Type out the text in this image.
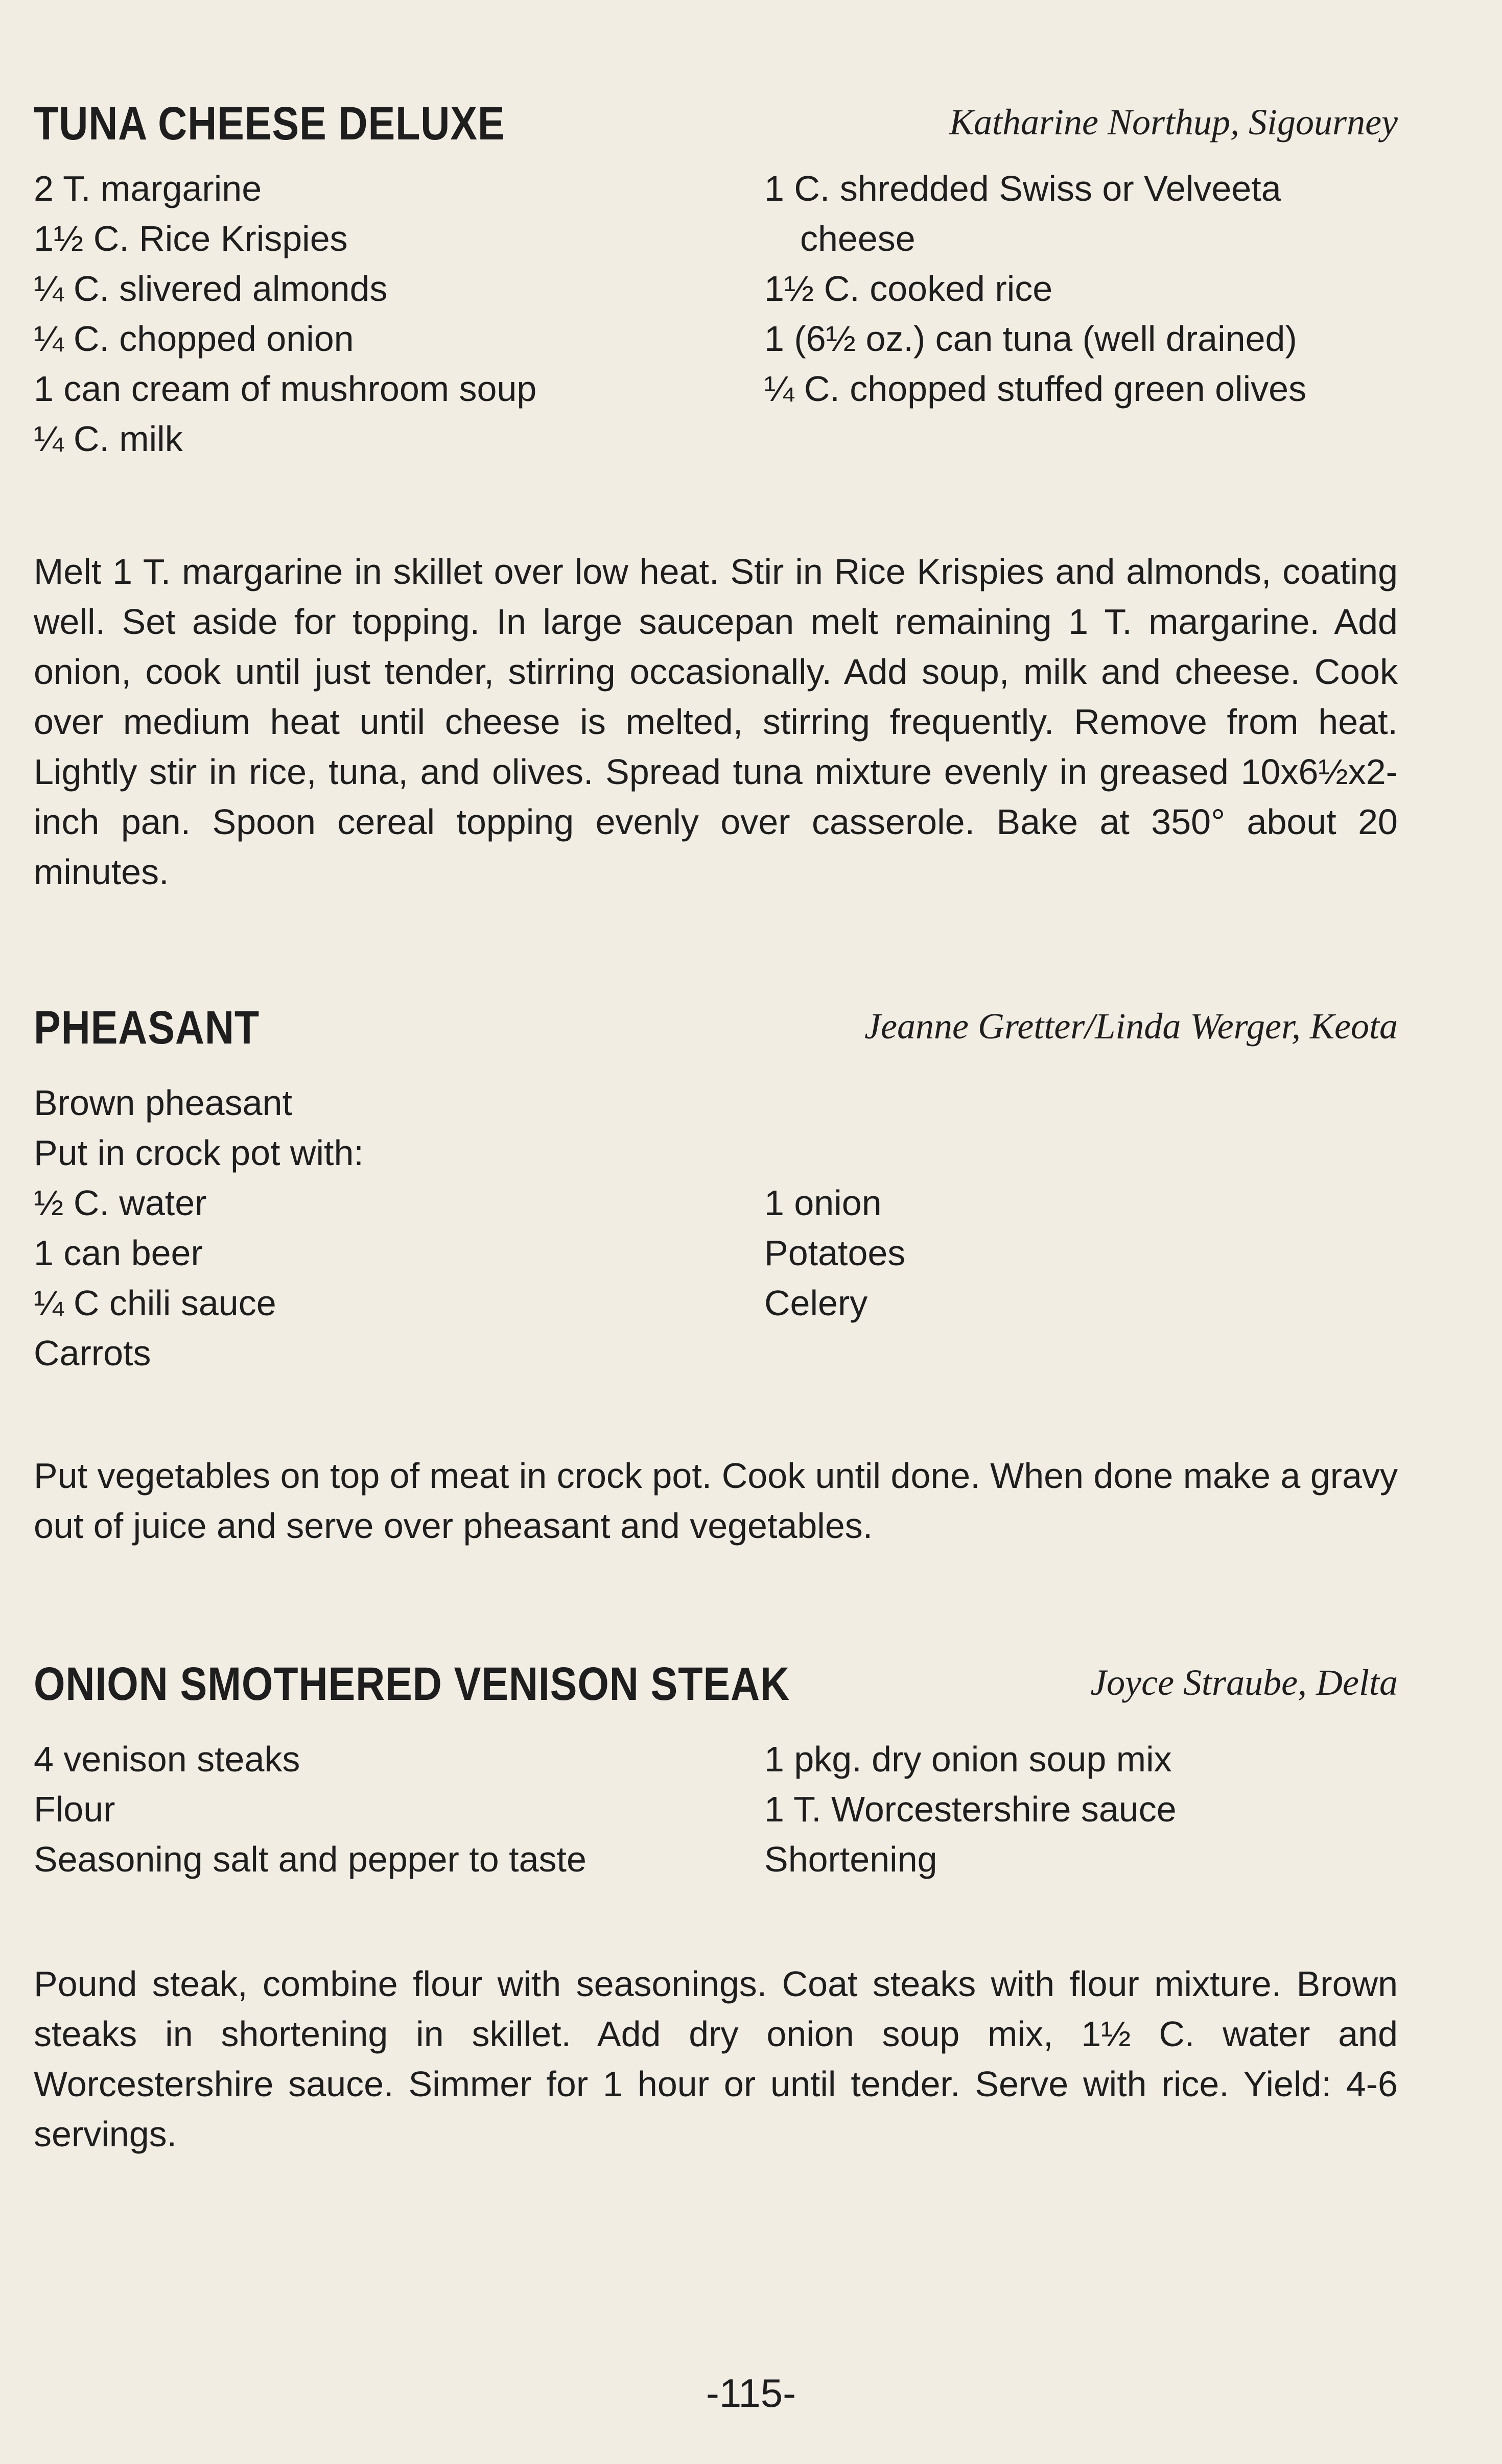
TUNA CHEESE DELUXE	Katharine Northup, Sigourney
2 T. margarine
1½ C. Rice Krispies
¼ C. slivered almonds
¼ C. chopped onion
1 can cream of mushroom soup
¼ C. milk
1 C. shredded Swiss or Velveeta
cheese
1½ C. cooked rice
1 (6½ oz.) can tuna (well drained)
¼ C. chopped stuffed green olives
Melt 1 T. margarine in skillet over low heat. Stir in Rice Krispies and almonds, coating well. Set aside for topping. In large saucepan melt remaining 1 T. margarine. Add onion, cook until just tender, stirring occasionally. Add soup, milk and cheese. Cook over medium heat until cheese is melted, stirring frequently. Remove from heat. Lightly stir in rice, tuna, and olives. Spread tuna mixture evenly in greased 10x6½x2-inch pan. Spoon cereal topping evenly over casserole. Bake at 350° about 20 minutes.
PHEASANT	Jeanne Gretter/Linda Werger, Keota
Brown pheasant
Put in crock pot with:
½ C. water
1 can beer
¼ C chili sauce
Carrots
1 onion
Potatoes
Celery
Put vegetables on top of meat in crock pot. Cook until done. When done make a gravy out of juice and serve over pheasant and vegetables.
ONION SMOTHERED VENISON STEAK	Joyce Straube, Delta
4 venison steaks
Flour
Seasoning salt and pepper to taste
1 pkg. dry onion soup mix
1 T. Worcestershire sauce
Shortening
Pound steak, combine flour with seasonings. Coat steaks with flour mixture. Brown steaks in shortening in skillet. Add dry onion soup mix, 1½ C. water and Worcestershire sauce. Simmer for 1 hour or until tender. Serve with rice. Yield: 4-6 servings.
-115-
